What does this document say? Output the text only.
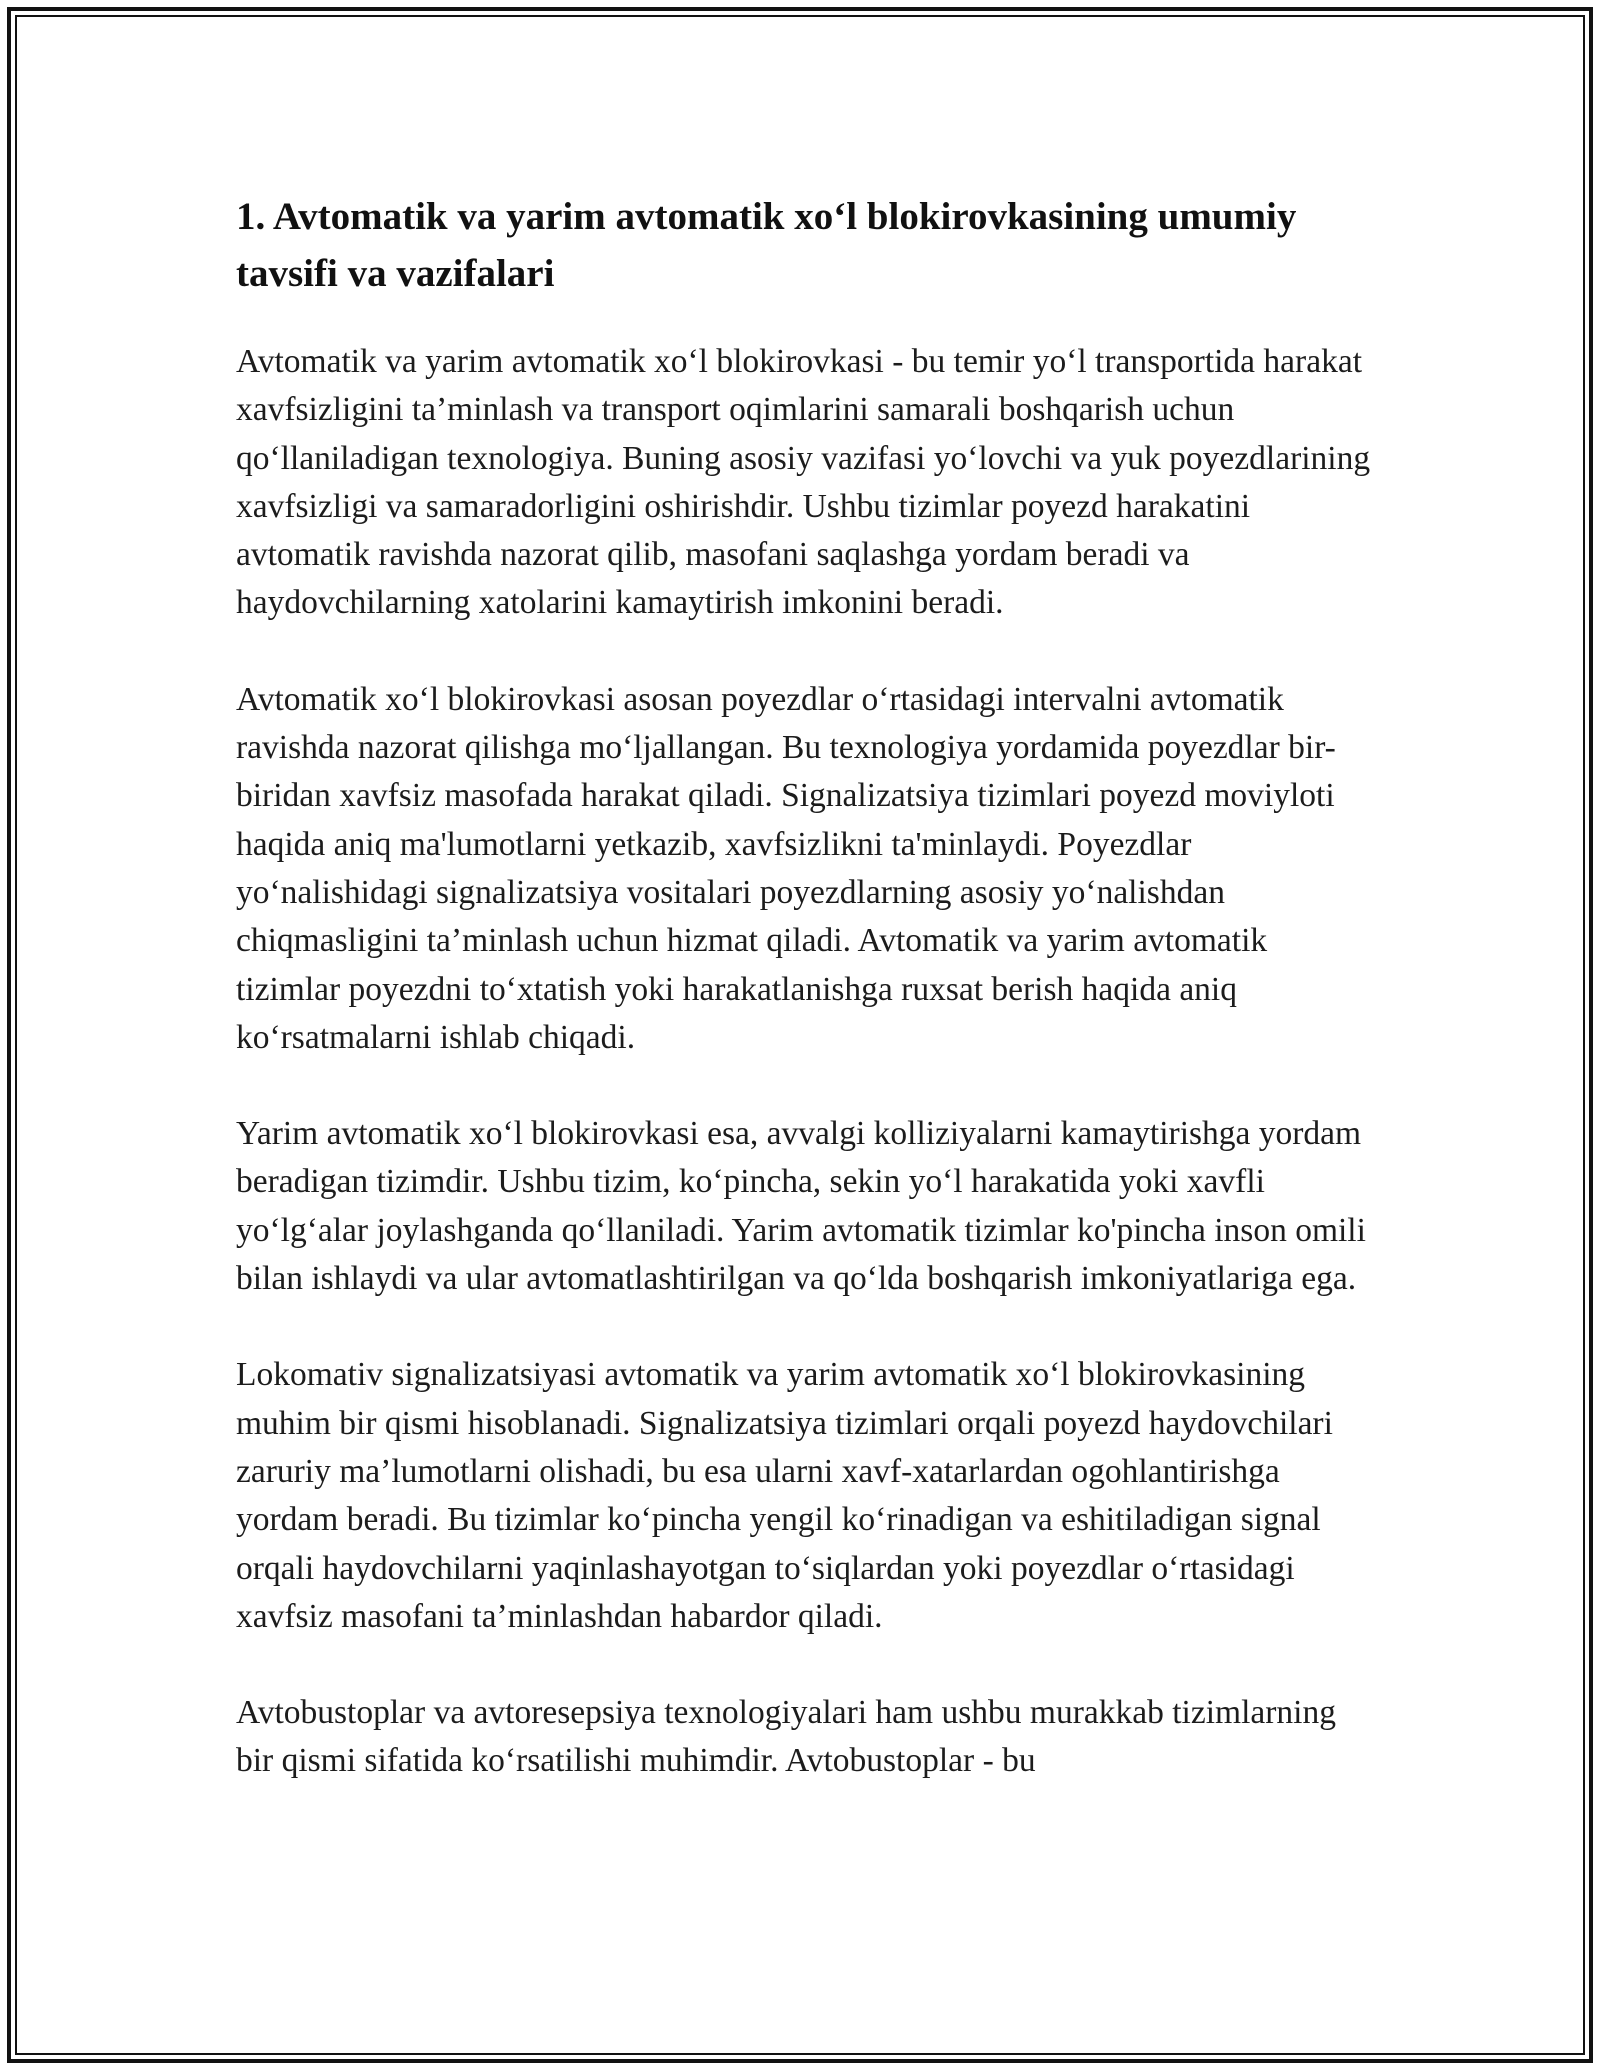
1. Avtomatik va yarim avtomatik xo‘l blokirovkasining umumiy tavsifi va vazifalari

Avtomatik va yarim avtomatik xo‘l blokirovkasi - bu temir yo‘l transportida harakat xavfsizligini ta’minlash va transport oqimlarini samarali boshqarish uchun qo‘llaniladigan texnologiya. Buning asosiy vazifasi yo‘lovchi va yuk poyezdlarining xavfsizligi va samaradorligini oshirishdir. Ushbu tizimlar poyezd harakatini avtomatik ravishda nazorat qilib, masofani saqlashga yordam beradi va haydovchilarning xatolarini kamaytirish imkonini beradi.

Avtomatik xo‘l blokirovkasi asosan poyezdlar o‘rtasidagi intervalni avtomatik ravishda nazorat qilishga mo‘ljallangan. Bu texnologiya yordamida poyezdlar bir-biridan xavfsiz masofada harakat qiladi. Signalizatsiya tizimlari poyezd moviyloti haqida aniq ma'lumotlarni yetkazib, xavfsizlikni ta'minlaydi. Poyezdlar yo‘nalishidagi signalizatsiya vositalari poyezdlarning asosiy yo‘nalishdan chiqmasligini ta’minlash uchun hizmat qiladi. Avtomatik va yarim avtomatik tizimlar poyezdni to‘xtatish yoki harakatlanishga ruxsat berish haqida aniq ko‘rsatmalarni ishlab chiqadi.

Yarim avtomatik xo‘l blokirovkasi esa, avvalgi kolliziyalarni kamaytirishga yordam beradigan tizimdir. Ushbu tizim, ko‘pincha, sekin yo‘l harakatida yoki xavfli yo‘lg‘alar joylashganda qo‘llaniladi. Yarim avtomatik tizimlar ko'pincha inson omili bilan ishlaydi va ular avtomatlashtirilgan va qo‘lda boshqarish imkoniyatlariga ega.

Lokomativ signalizatsiyasi avtomatik va yarim avtomatik xo‘l blokirovkasining muhim bir qismi hisoblanadi. Signalizatsiya tizimlari orqali poyezd haydovchilari zaruriy ma’lumotlarni olishadi, bu esa ularni xavf-xatarlardan ogohlantirishga yordam beradi. Bu tizimlar ko‘pincha yengil ko‘rinadigan va eshitiladigan signal orqali haydovchilarni yaqinlashayotgan to‘siqlardan yoki poyezdlar o‘rtasidagi xavfsiz masofani ta’minlashdan habardor qiladi.

Avtobustoplar va avtoresepsiya texnologiyalari ham ushbu murakkab tizimlarning bir qismi sifatida ko‘rsatilishi muhimdir. Avtobustoplar - bu
